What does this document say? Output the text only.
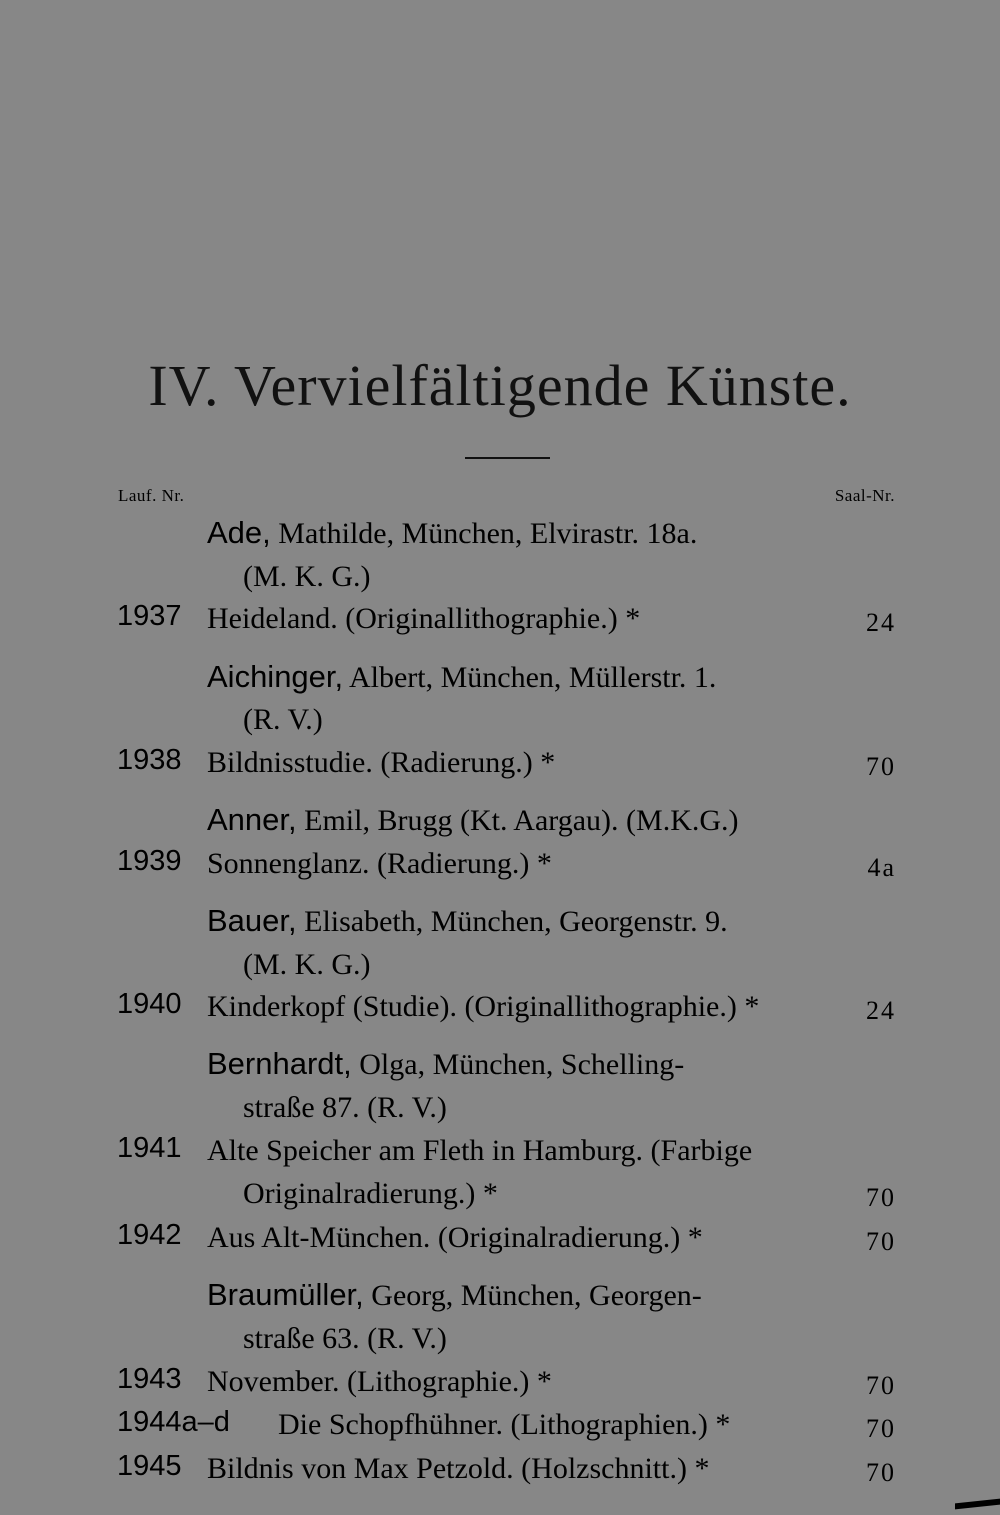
IV. Vervielfältigende Künste.
Lauf. Nr.	Saal-Nr.
Ade, Mathilde, München, Elvirastr. 18a.
(M. K. G.)
1937 Heideland. (Originallithographie.) *	24
Aichinger, Albert, München, Müllerstr. 1.
(R. V.)
1938 Bildnisstudie. (Radierung.) *	70
Anner, Emil, Brugg (Kt. Aargau). (M.K.G.)
1939 Sonnenglanz. (Radierung.) *	4a
Bauer, Elisabeth, München, Georgenstr. 9.
(M. K. G.)
1940 Kinderkopf (Studie). (Originallithographie.) *	24
Bernhardt, Olga, München, Schelling-
straße 87. (R. V.)
1941 Alte Speicher am Fleth in Hamburg. (Farbige
Originalradierung.) *	70
1942 Aus Alt-München. (Originalradierung.) *	70
Braumüller, Georg, München, Georgen-
straße 63. (R. V.)
1943 November. (Lithographie.) *	70
1944a–d Die Schopfhühner. (Lithographien.) *	70
1945 Bildnis von Max Petzold. (Holzschnitt.) *	70
